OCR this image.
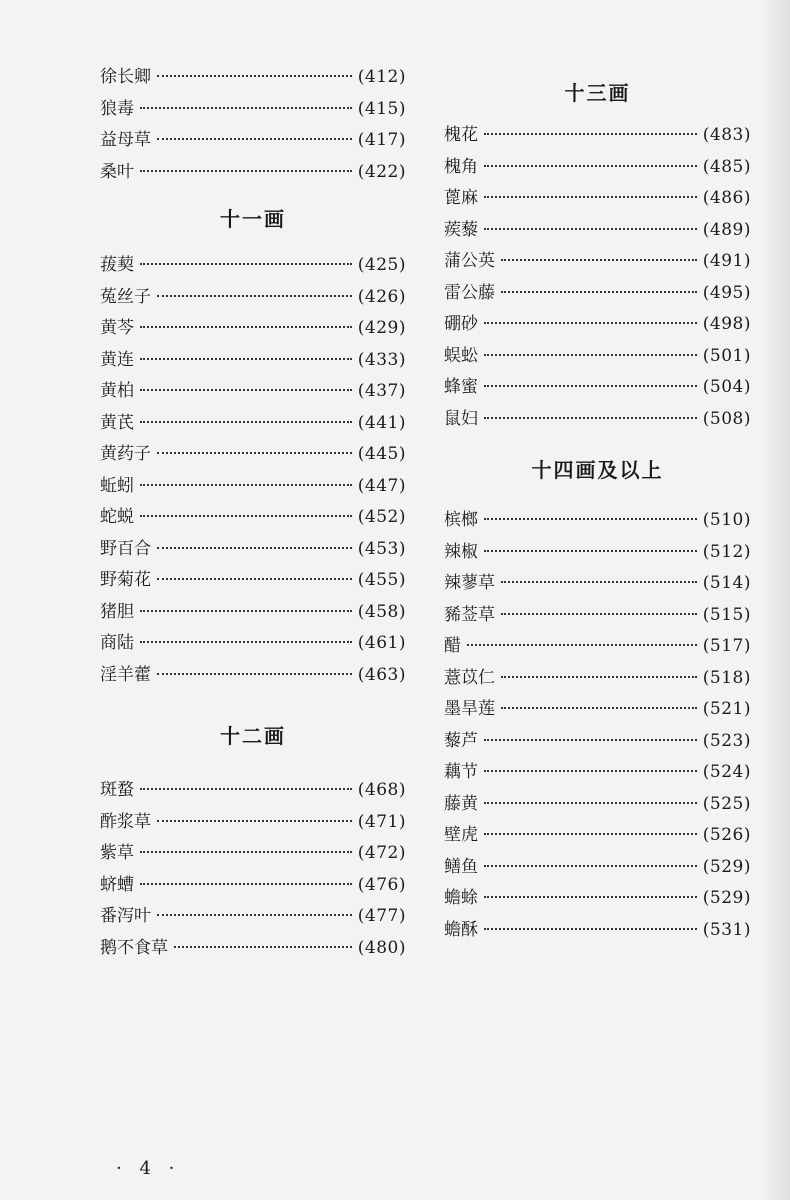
徐长卿	(412)
狼毒	(415)
益母草	(417)
桑叶	(422)
十一画
菝葜	(425)
菟丝子	(426)
黄芩	(429)
黄连	(433)
黄柏	(437)
黄芪	(441)
黄药子	(445)
蚯蚓	(447)
蛇蜕	(452)
野百合	(453)
野菊花	(455)
猪胆	(458)
商陆	(461)
淫羊藿	(463)
十二画
斑蝥	(468)
酢浆草	(471)
紫草	(472)
蛴螬	(476)
番泻叶	(477)
鹅不食草	(480)
十三画
槐花	(483)
槐角	(485)
蓖麻	(486)
蒺藜	(489)
蒲公英	(491)
雷公藤	(495)
硼砂	(498)
蜈蚣	(501)
蜂蜜	(504)
鼠妇	(508)
十四画及以上
槟榔	(510)
辣椒	(512)
辣蓼草	(514)
豨莶草	(515)
醋	(517)
薏苡仁	(518)
墨旱莲	(521)
藜芦	(523)
藕节	(524)
藤黄	(525)
壁虎	(526)
鳝鱼	(529)
蟾蜍	(529)
蟾酥	(531)
· 4 ·
